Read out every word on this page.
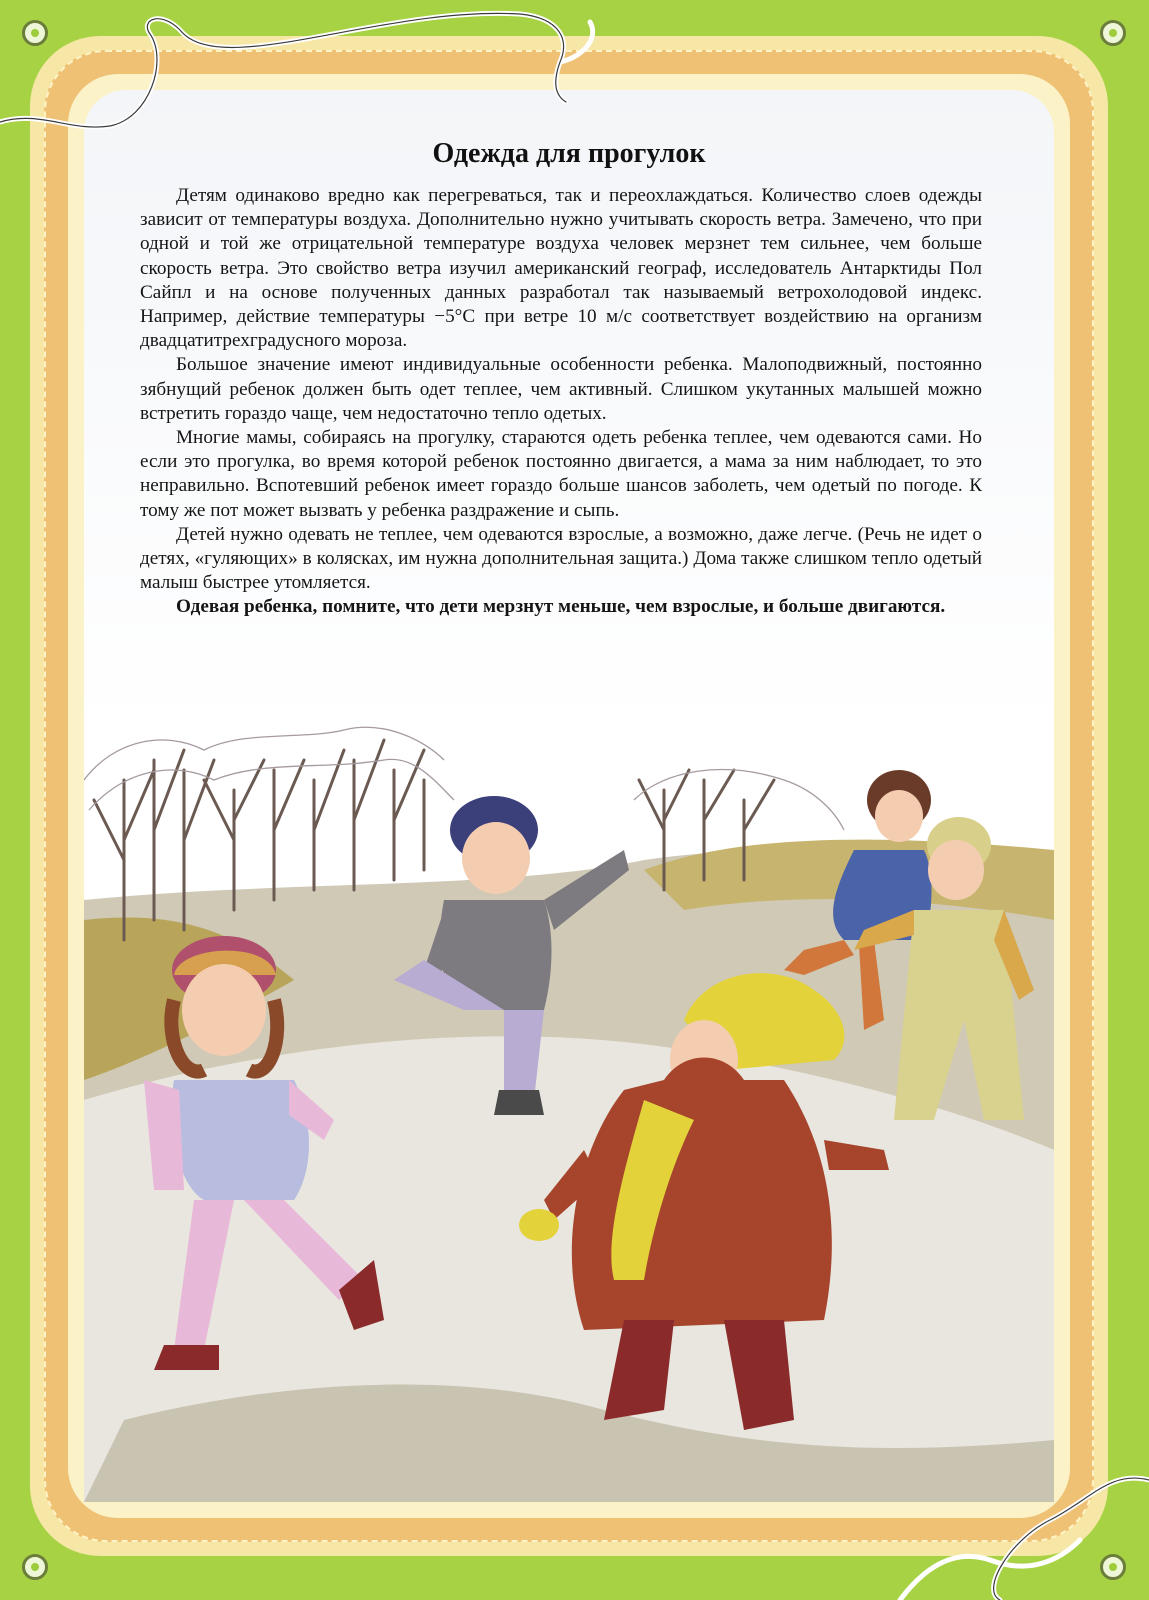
Одежда для прогулок

Детям одинаково вредно как перегреваться, так и переохлаждаться. Количество слоев одежды зависит от температуры воздуха. Дополнительно нужно учитывать скорость ветра. Замечено, что при одной и той же отрицательной температуре воздуха человек мерзнет тем сильнее, чем больше скорость ветра. Это свойство ветра изучил американский географ, исследователь Антарктиды Пол Сайпл и на основе полученных данных разработал так называемый ветрохолодовой индекс. Например, действие температуры −5°C при ветре 10 м/с соответствует воздействию на организм двадцатитрехградусного мороза.

Большое значение имеют индивидуальные особенности ребенка. Малоподвижный, постоянно зябнущий ребенок должен быть одет теплее, чем активный. Слишком укутанных малышей можно встретить гораздо чаще, чем недостаточно тепло одетых.

Многие мамы, собираясь на прогулку, стараются одеть ребенка теплее, чем одеваются сами. Но если это прогулка, во время которой ребенок постоянно двигается, а мама за ним наблюдает, то это неправильно. Вспотевший ребенок имеет гораздо больше шансов заболеть, чем одетый по погоде. К тому же пот может вызвать у ребенка раздражение и сыпь.

Детей нужно одевать не теплее, чем одеваются взрослые, а возможно, даже легче. (Речь не идет о детях, «гуляющих» в колясках, им нужна дополнительная защита.) Дома также слишком тепло одетый малыш быстрее утомляется.

Одевая ребенка, помните, что дети мерзнут меньше, чем взрослые, и больше двигаются.
